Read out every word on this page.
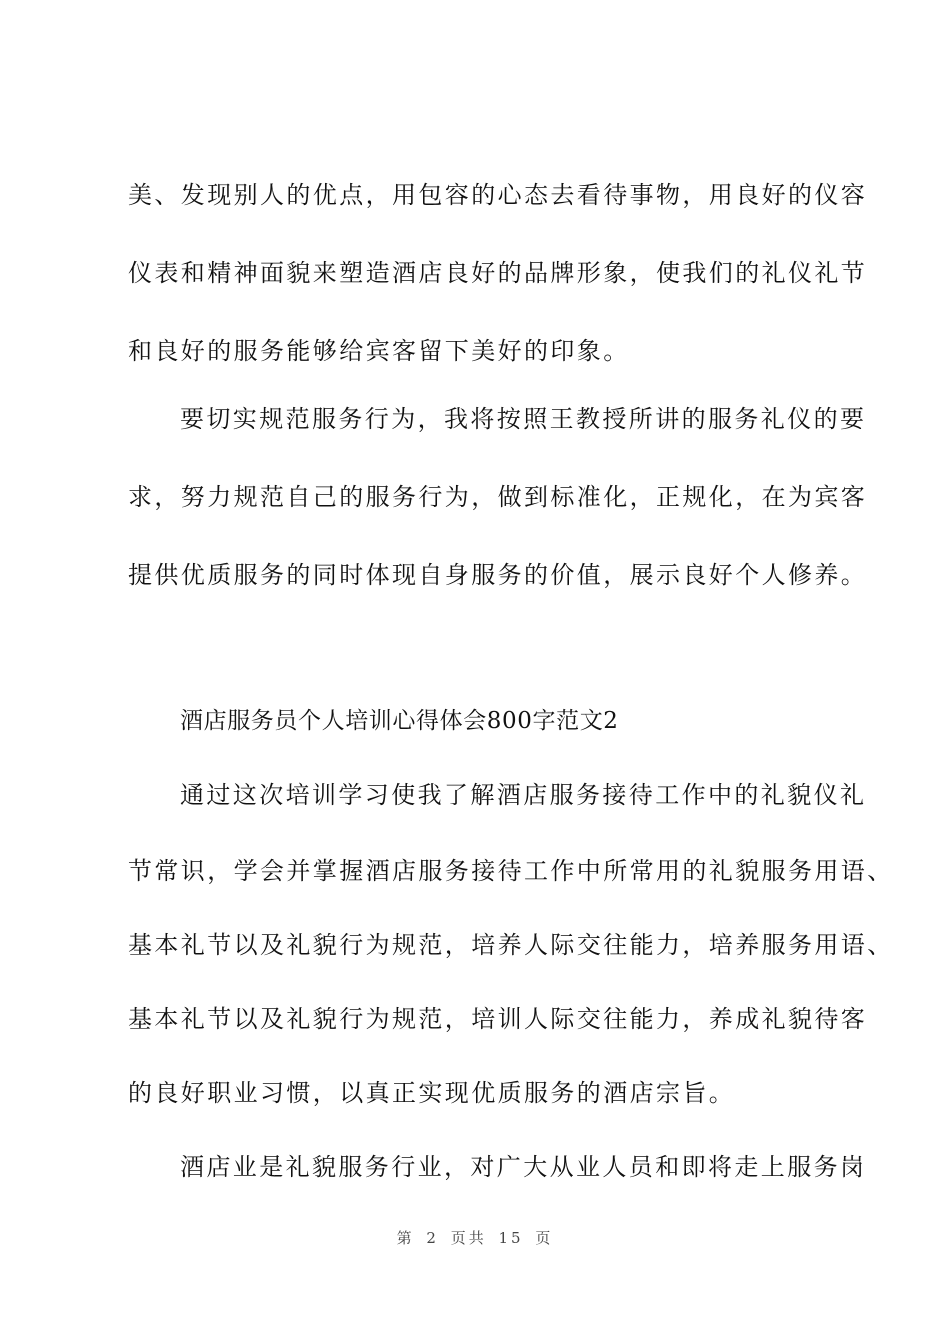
美、发现别人的优点，用包容的心态去看待事物，用良好的仪容
仪表和精神面貌来塑造酒店良好的品牌形象，使我们的礼仪礼节
和良好的服务能够给宾客留下美好的印象。
要切实规范服务行为，我将按照王教授所讲的服务礼仪的要
求，努力规范自己的服务行为，做到标准化，正规化，在为宾客
提供优质服务的同时体现自身服务的价值，展示良好个人修养。
酒店服务员个人培训心得体会800字范文2
通过这次培训学习使我了解酒店服务接待工作中的礼貌仪礼
节常识，学会并掌握酒店服务接待工作中所常用的礼貌服务用语、
基本礼节以及礼貌行为规范，培养人际交往能力，培养服务用语、
基本礼节以及礼貌行为规范，培训人际交往能力，养成礼貌待客
的良好职业习惯，以真正实现优质服务的酒店宗旨。
酒店业是礼貌服务行业，对广大从业人员和即将走上服务岗
第 2 页共 15 页
